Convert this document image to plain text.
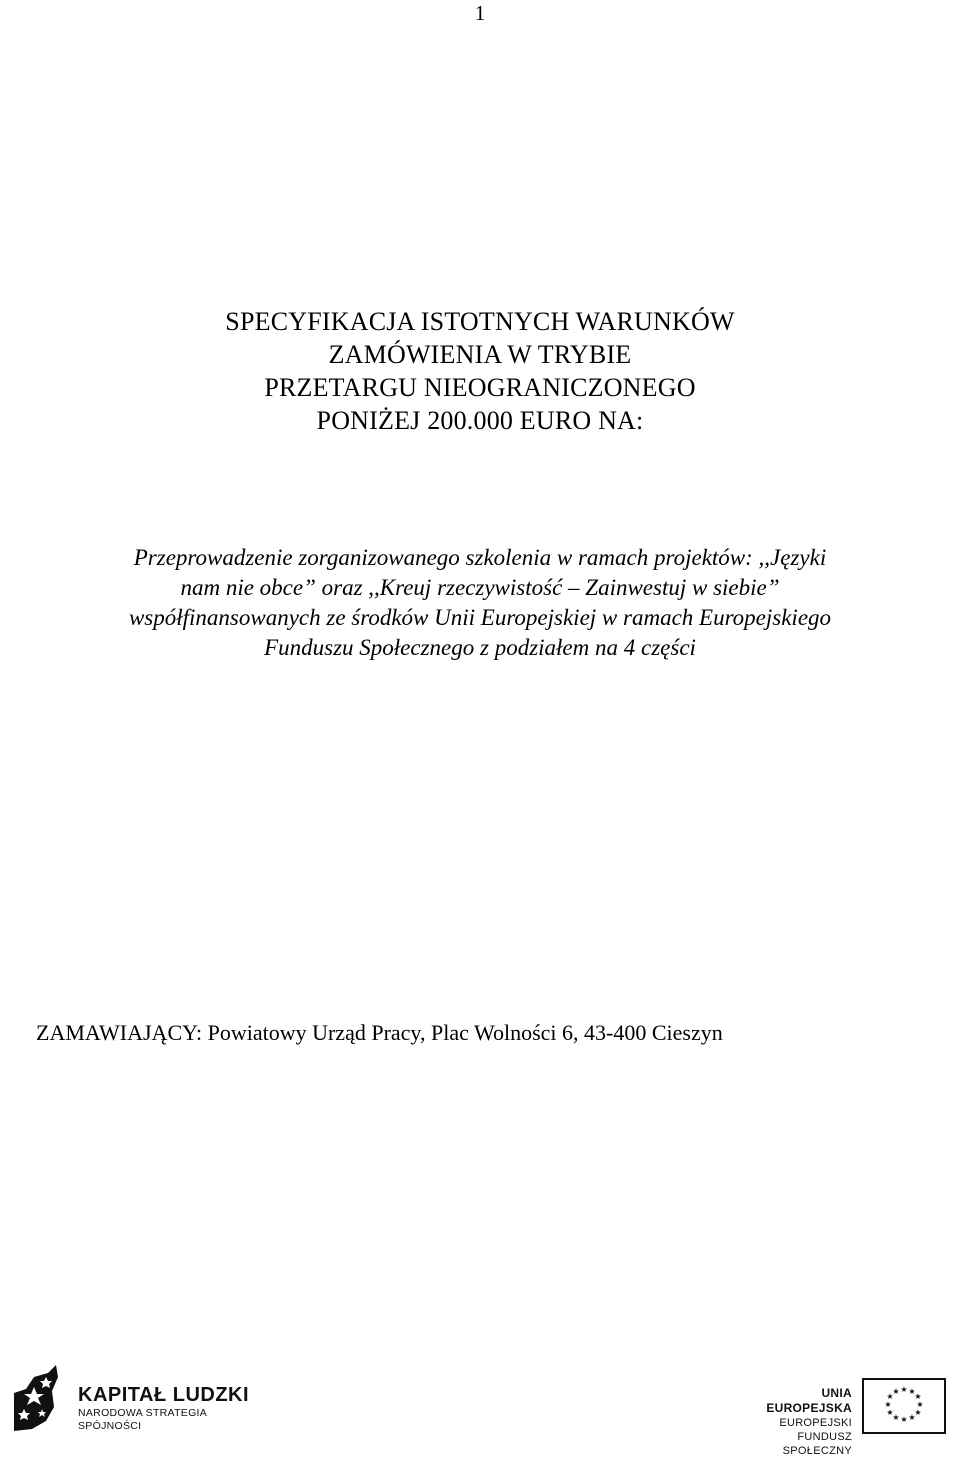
1
SPECYFIKACJA ISTOTNYCH WARUNKÓW
ZAMÓWIENIA W TRYBIE
PRZETARGU NIEOGRANICZONEGO
PONIŻEJ 200.000 EURO NA:
Przeprowadzenie zorganizowanego szkolenia w ramach projektów: ,,Języki
nam nie obce” oraz ,,Kreuj rzeczywistość – Zainwestuj w siebie”
współfinansowanych ze środków Unii Europejskiej w ramach Europejskiego
Funduszu Społecznego z podziałem na 4 części
ZAMAWIAJĄCY: Powiatowy Urząd Pracy, Plac Wolności 6, 43-400 Cieszyn
KAPITAŁ LUDZKI
NARODOWA STRATEGIA SPÓJNOŚCI
UNIA EUROPEJSKA
EUROPEJSKI
FUNDUSZ SPOŁECZNY
★ ★
★
★
★
★
★
★
★
★
★
★
